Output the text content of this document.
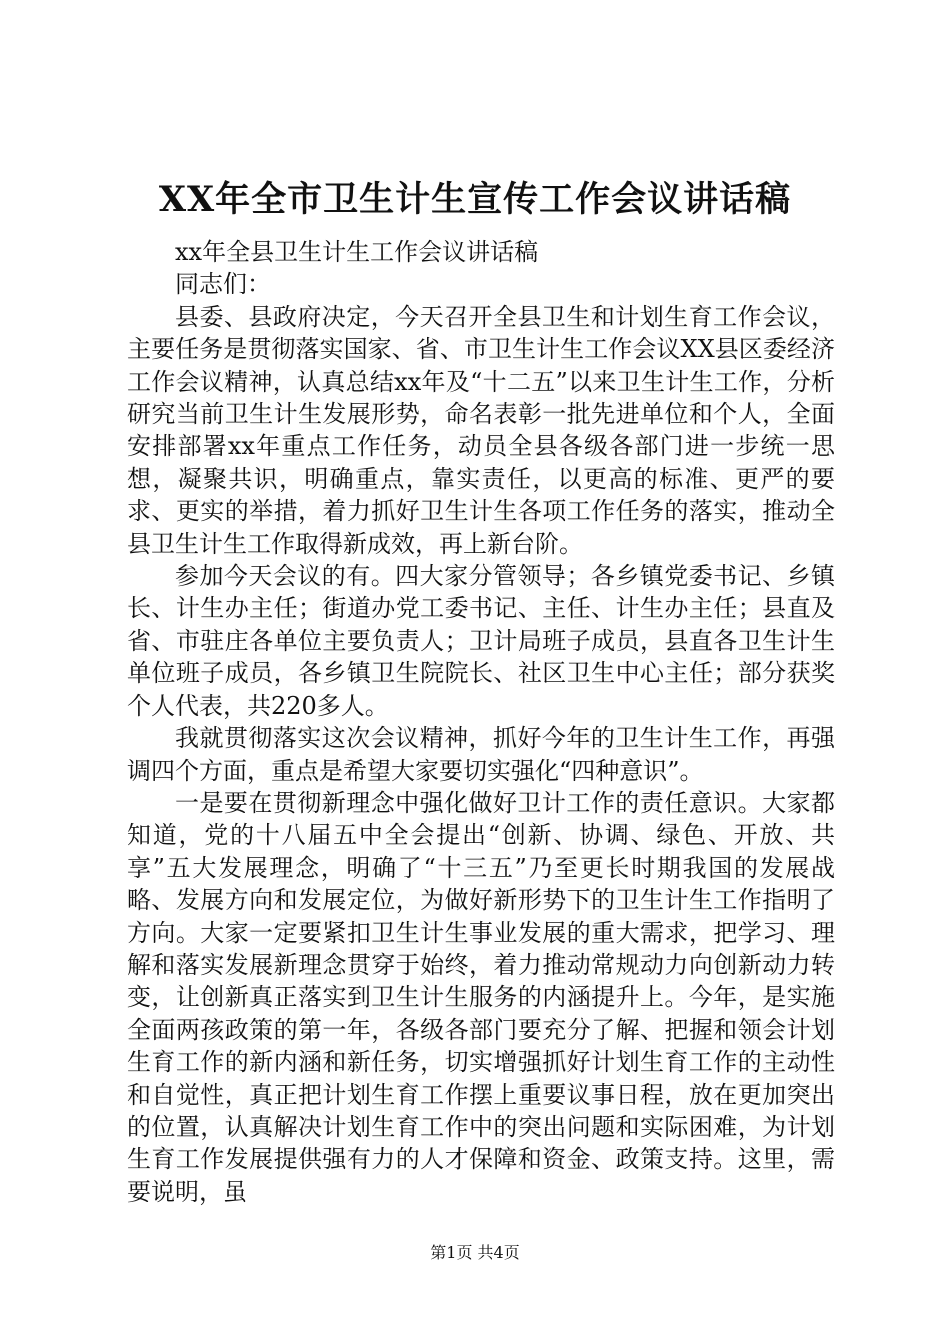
XX年全市卫生计生宣传工作会议讲话稿

xx年全县卫生计生工作会议讲话稿

同志们：

县委、县政府决定，今天召开全县卫生和计划生育工作会议，主要任务是贯彻落实国家、省、市卫生计生工作会议XX县区委经济工作会议精神，认真总结xx年及“十二五”以来卫生计生工作，分析研究当前卫生计生发展形势，命名表彰一批先进单位和个人，全面安排部署xx年重点工作任务，动员全县各级各部门进一步统一思想，凝聚共识，明确重点，靠实责任，以更高的标准、更严的要求、更实的举措，着力抓好卫生计生各项工作任务的落实，推动全县卫生计生工作取得新成效，再上新台阶。

参加今天会议的有。四大家分管领导；各乡镇党委书记、乡镇长、计生办主任；街道办党工委书记、主任、计生办主任；县直及省、市驻庄各单位主要负责人；卫计局班子成员，县直各卫生计生单位班子成员，各乡镇卫生院院长、社区卫生中心主任；部分获奖个人代表，共220多人。

我就贯彻落实这次会议精神，抓好今年的卫生计生工作，再强调四个方面，重点是希望大家要切实强化“四种意识”。

一是要在贯彻新理念中强化做好卫计工作的责任意识。大家都知道，党的十八届五中全会提出“创新、协调、绿色、开放、共享”五大发展理念，明确了“十三五”乃至更长时期我国的发展战略、发展方向和发展定位，为做好新形势下的卫生计生工作指明了方向。大家一定要紧扣卫生计生事业发展的重大需求，把学习、理解和落实发展新理念贯穿于始终，着力推动常规动力向创新动力转变，让创新真正落实到卫生计生服务的内涵提升上。今年，是实施全面两孩政策的第一年，各级各部门要充分了解、把握和领会计划生育工作的新内涵和新任务，切实增强抓好计划生育工作的主动性和自觉性，真正把计划生育工作摆上重要议事日程，放在更加突出的位置，认真解决计划生育工作中的突出问题和实际困难，为计划生育工作发展提供强有力的人才保障和资金、政策支持。这里，需要说明，虽

第1页 共4页
